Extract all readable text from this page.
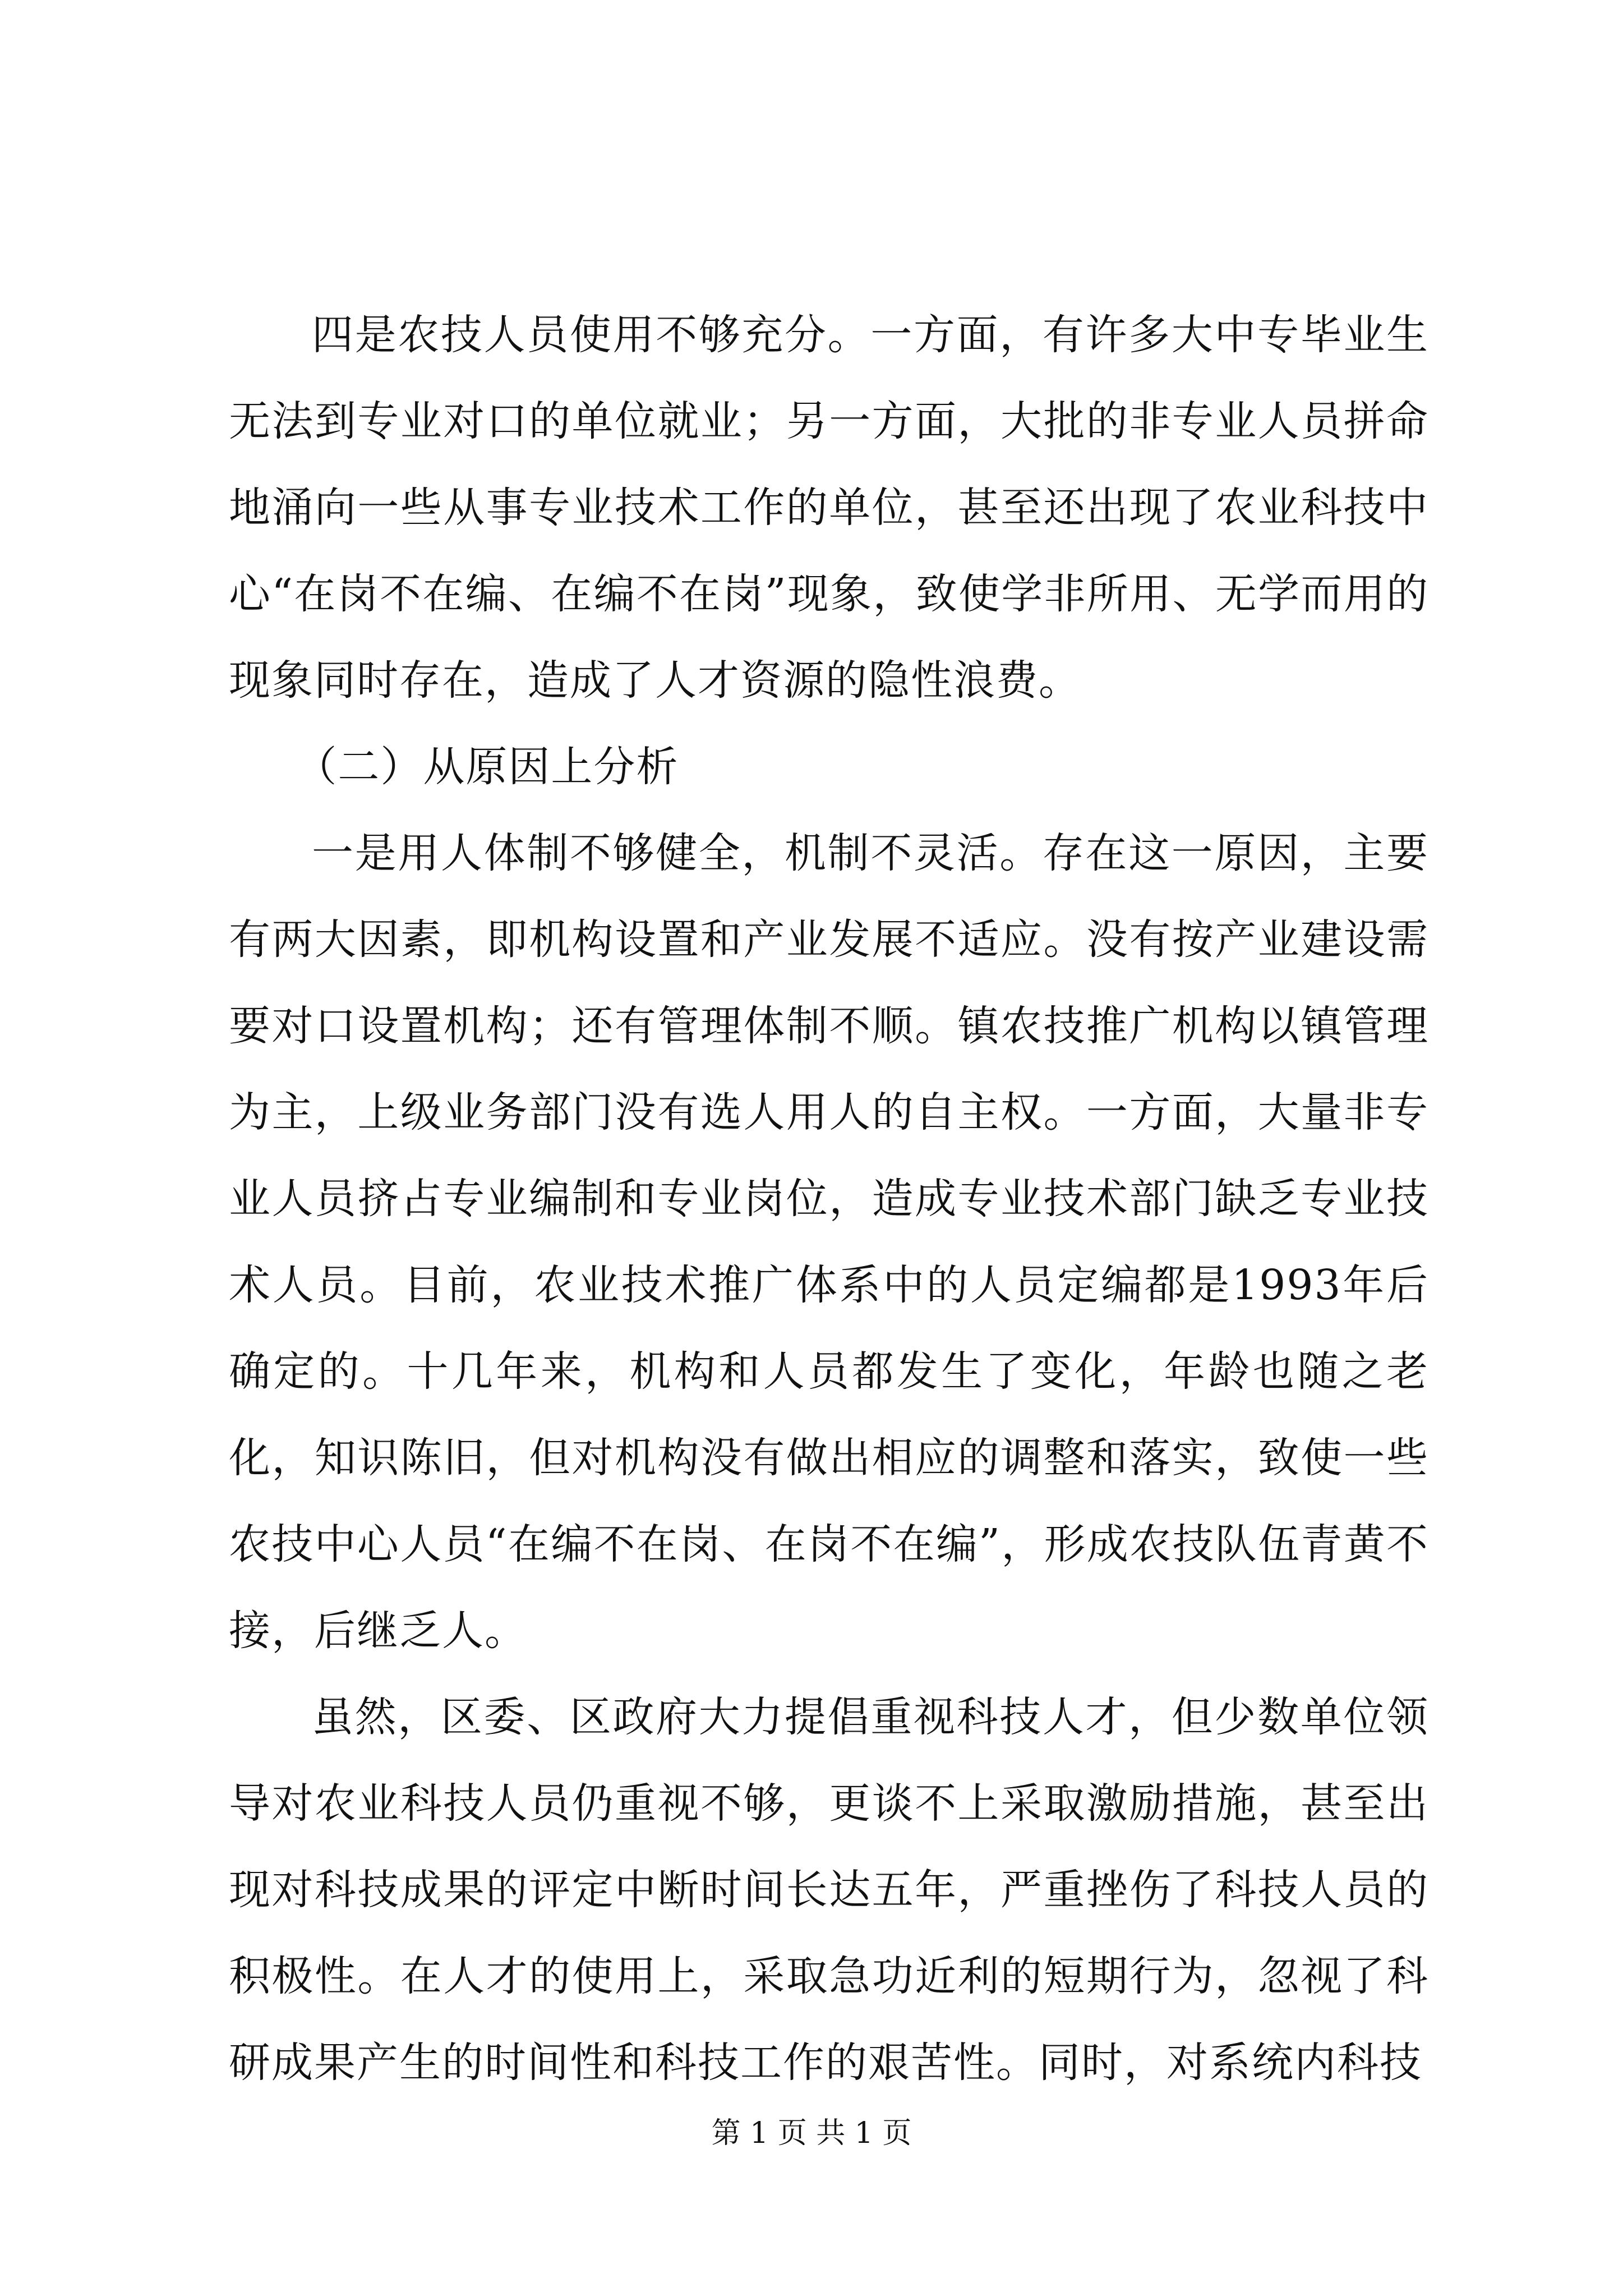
四是农技人员使用不够充分。一方面，有许多大中专毕业生无法到专业对口的单位就业；另一方面，大批的非专业人员拼命地涌向一些从事专业技术工作的单位，甚至还出现了农业科技中心“在岗不在编、在编不在岗”现象，致使学非所用、无学而用的现象同时存在，造成了人才资源的隐性浪费。

（二）从原因上分析

一是用人体制不够健全，机制不灵活。存在这一原因，主要有两大因素，即机构设置和产业发展不适应。没有按产业建设需要对口设置机构；还有管理体制不顺。镇农技推广机构以镇管理为主，上级业务部门没有选人用人的自主权。一方面，大量非专业人员挤占专业编制和专业岗位，造成专业技术部门缺乏专业技术人员。目前，农业技术推广体系中的人员定编都是1993年后确定的。十几年来，机构和人员都发生了变化，年龄也随之老化，知识陈旧，但对机构没有做出相应的调整和落实，致使一些农技中心人员“在编不在岗、在岗不在编”，形成农技队伍青黄不接，后继乏人。

虽然，区委、区政府大力提倡重视科技人才，但少数单位领导对农业科技人员仍重视不够，更谈不上采取激励措施，甚至出现对科技成果的评定中断时间长达五年，严重挫伤了科技人员的积极性。在人才的使用上，采取急功近利的短期行为，忽视了科研成果产生的时间性和科技工作的艰苦性。同时，对系统内科技

第 1 页 共 1 页
